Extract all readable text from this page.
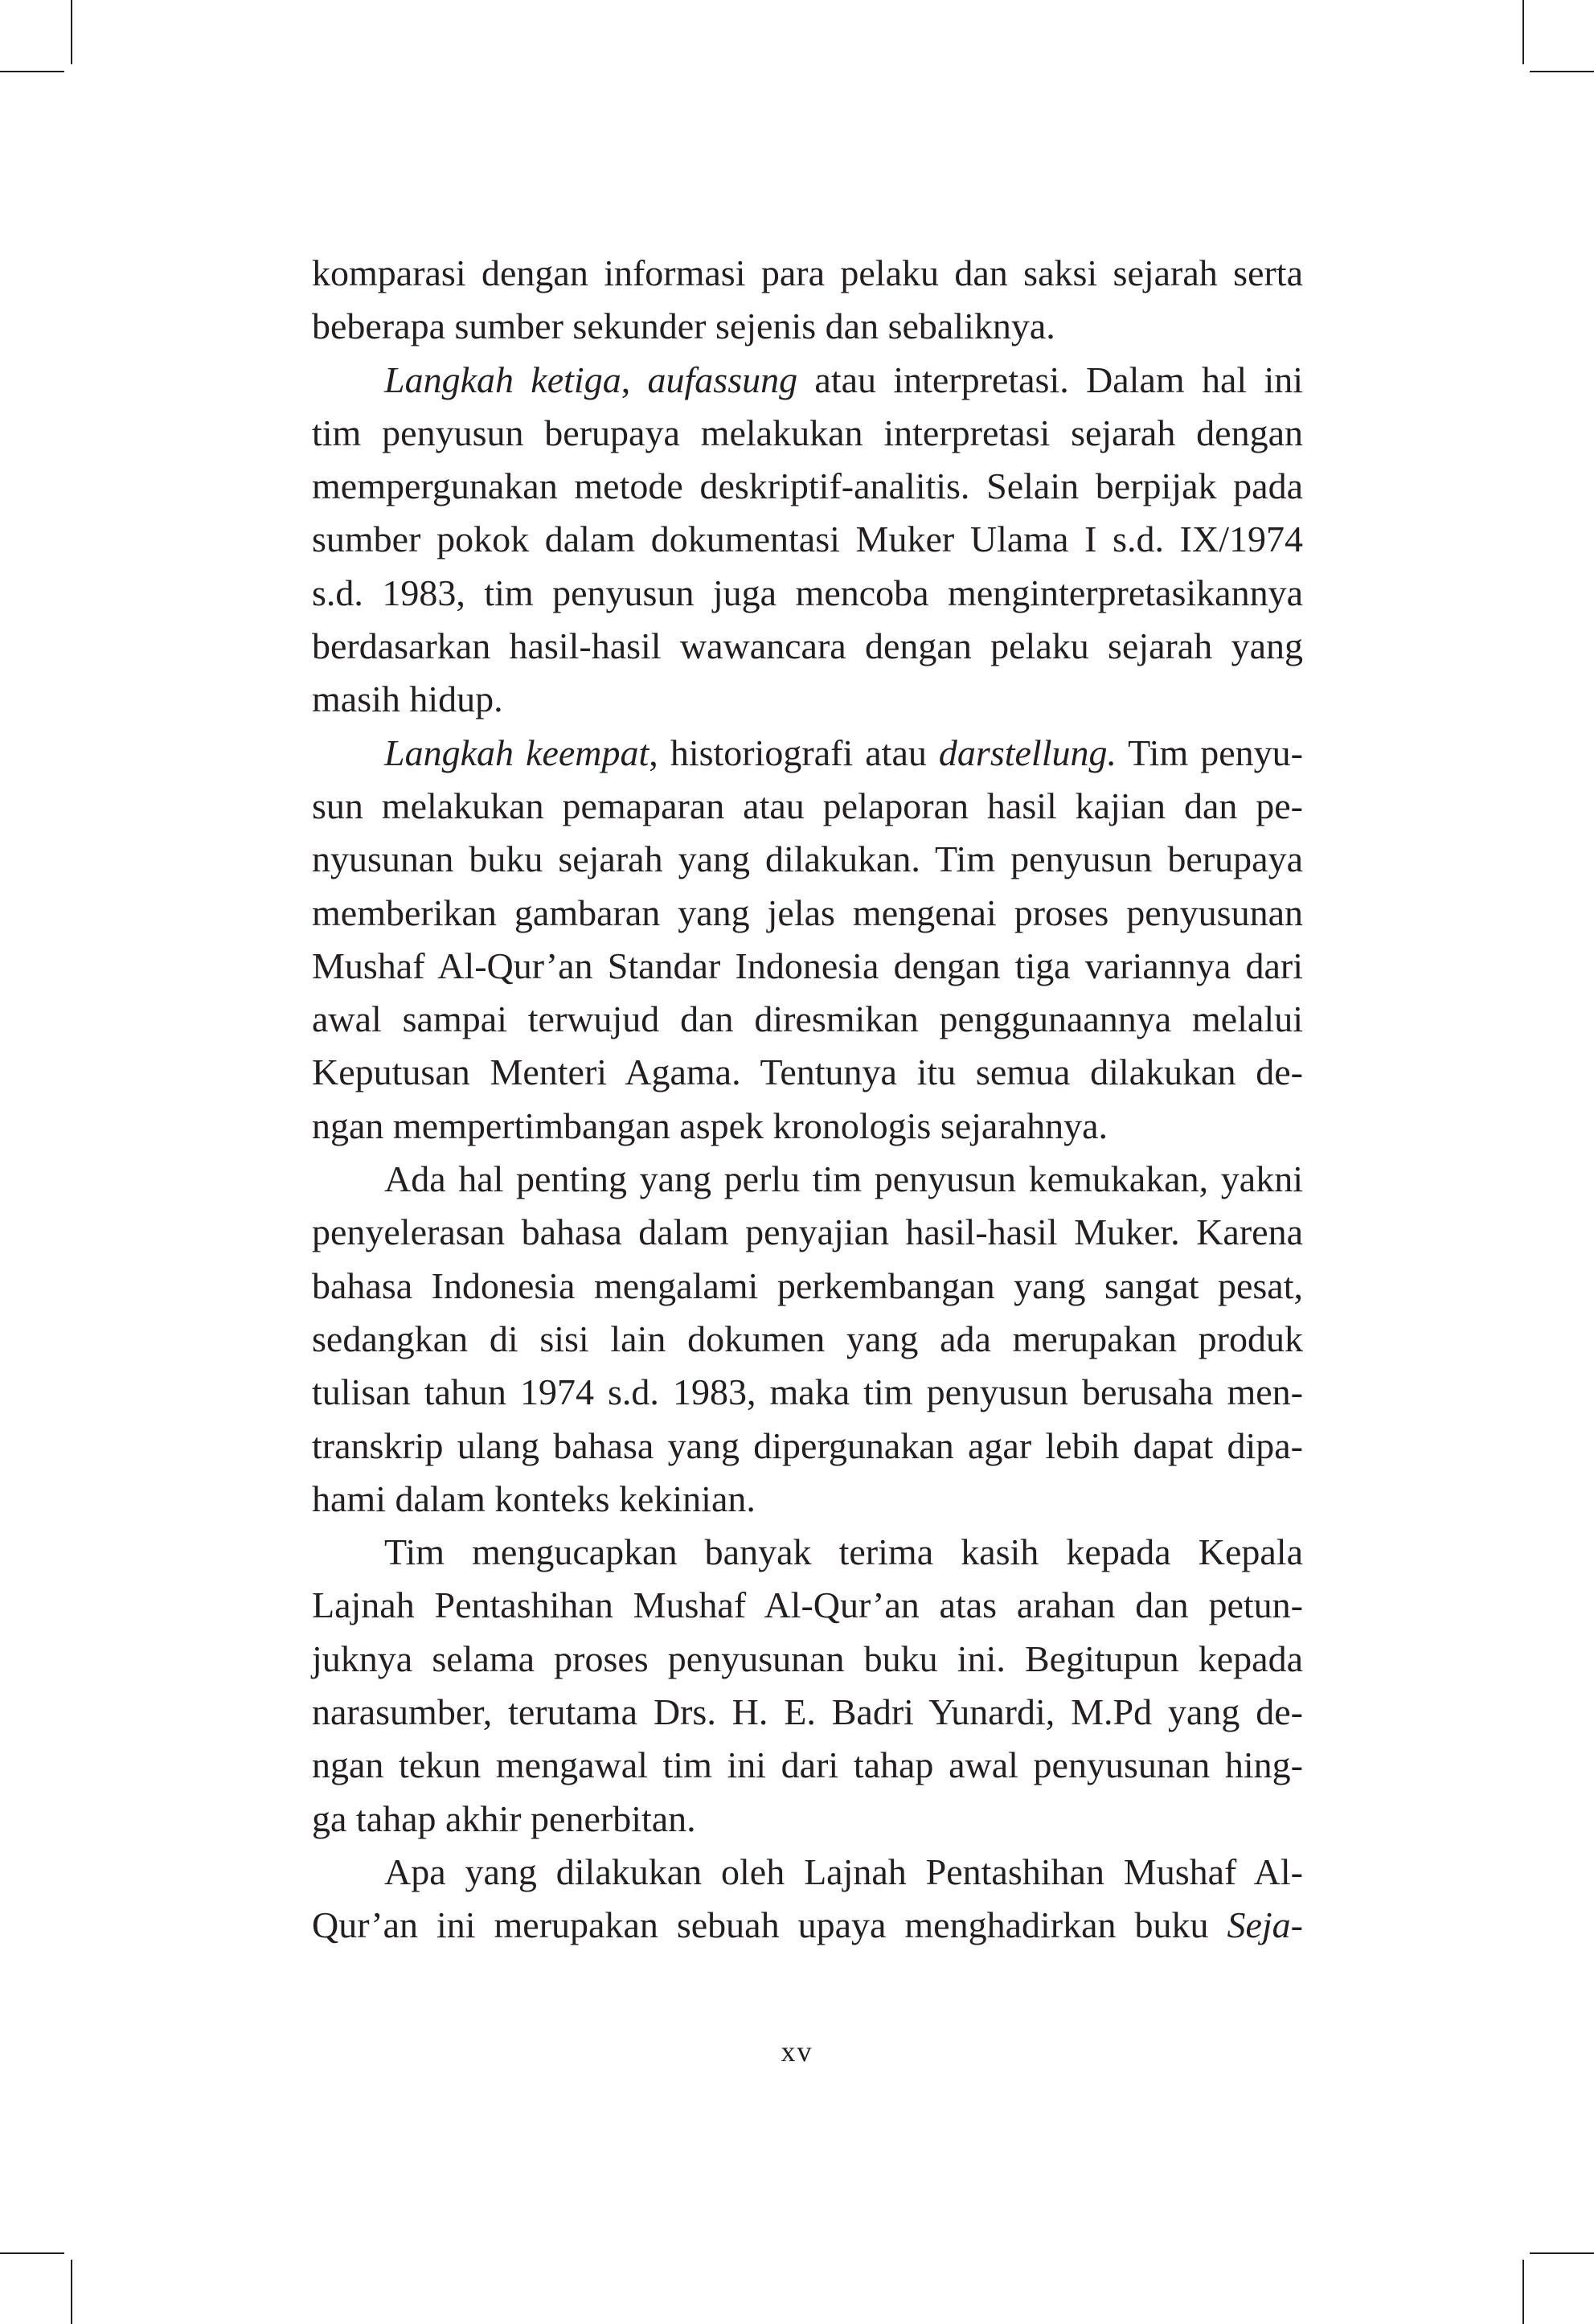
komparasi dengan informasi para pelaku dan saksi sejarah serta
beberapa sumber sekunder sejenis dan sebaliknya.
Langkah ketiga, aufassung atau interpretasi. Dalam hal ini
tim penyusun berupaya melakukan interpretasi sejarah dengan
mempergunakan metode deskriptif-analitis. Selain berpijak pada
sumber pokok dalam dokumentasi Muker Ulama I s.d. IX/1974
s.d. 1983, tim penyusun juga mencoba menginterpretasikannya
berdasarkan hasil-hasil wawancara dengan pelaku sejarah yang
masih hidup.
Langkah keempat, historiografi atau darstellung. Tim penyu-
sun melakukan pemaparan atau pelaporan hasil kajian dan pe-
nyusunan buku sejarah yang dilakukan. Tim penyusun berupaya
memberikan gambaran yang jelas mengenai proses penyusunan
Mushaf Al-Qur’an Standar Indonesia dengan tiga variannya dari
awal sampai terwujud dan diresmikan penggunaannya melalui
Keputusan Menteri Agama. Tentunya itu semua dilakukan de-
ngan mempertimbangan aspek kronologis sejarahnya.
Ada hal penting yang perlu tim penyusun kemukakan, yakni
penyelerasan bahasa dalam penyajian hasil-hasil Muker. Karena
bahasa Indonesia mengalami perkembangan yang sangat pesat,
sedangkan di sisi lain dokumen yang ada merupakan produk
tulisan tahun 1974 s.d. 1983, maka tim penyusun berusaha men-
transkrip ulang bahasa yang dipergunakan agar lebih dapat dipa-
hami dalam konteks kekinian.
Tim mengucapkan banyak terima kasih kepada Kepala
Lajnah Pentashihan Mushaf Al-Qur’an atas arahan dan petun-
juknya selama proses penyusunan buku ini. Begitupun kepada
narasumber, terutama Drs. H. E. Badri Yunardi, M.Pd yang de-
ngan tekun mengawal tim ini dari tahap awal penyusunan hing-
ga tahap akhir penerbitan.
Apa yang dilakukan oleh Lajnah Pentashihan Mushaf Al-
Qur’an ini merupakan sebuah upaya menghadirkan buku Seja-
xv
